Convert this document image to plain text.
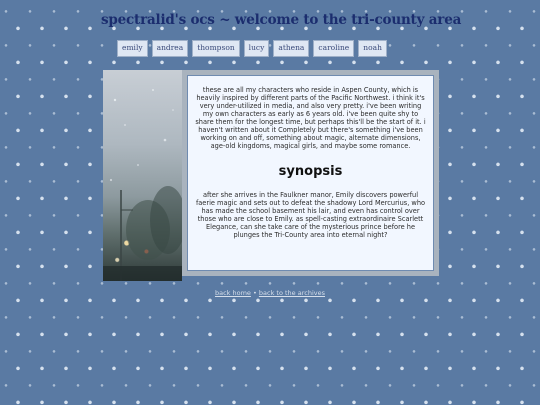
spectralid's ocs ~ welcome to the tri-county area
emily	andrea	thompson	lucy	athena	caroline	noah

these are all my characters who reside in Aspen County, which is heavily inspired by different parts of the Pacific Northwest. i think it's very under-utilized in media, and also very pretty. i've been writing my own characters as early as 6 years old. i've been quite shy to share them for the longest time, but perhaps this'll be the start of it. i haven't written about it Completely but there's something i've been working on and off, something about magic, alternate dimensions, age-old kingdoms, magical girls, and maybe some romance.

synopsis

after she arrives in the Faulkner manor, Emily discovers powerful faerie magic and sets out to defeat the shadowy Lord Mercurius, who has made the school basement his lair, and even has control over those who are close to Emily. as spell-casting extraordinaire Scarlett Elegance, can she take care of the mysterious prince before he plunges the Tri-County area into eternal night?

back home • back to the archives
